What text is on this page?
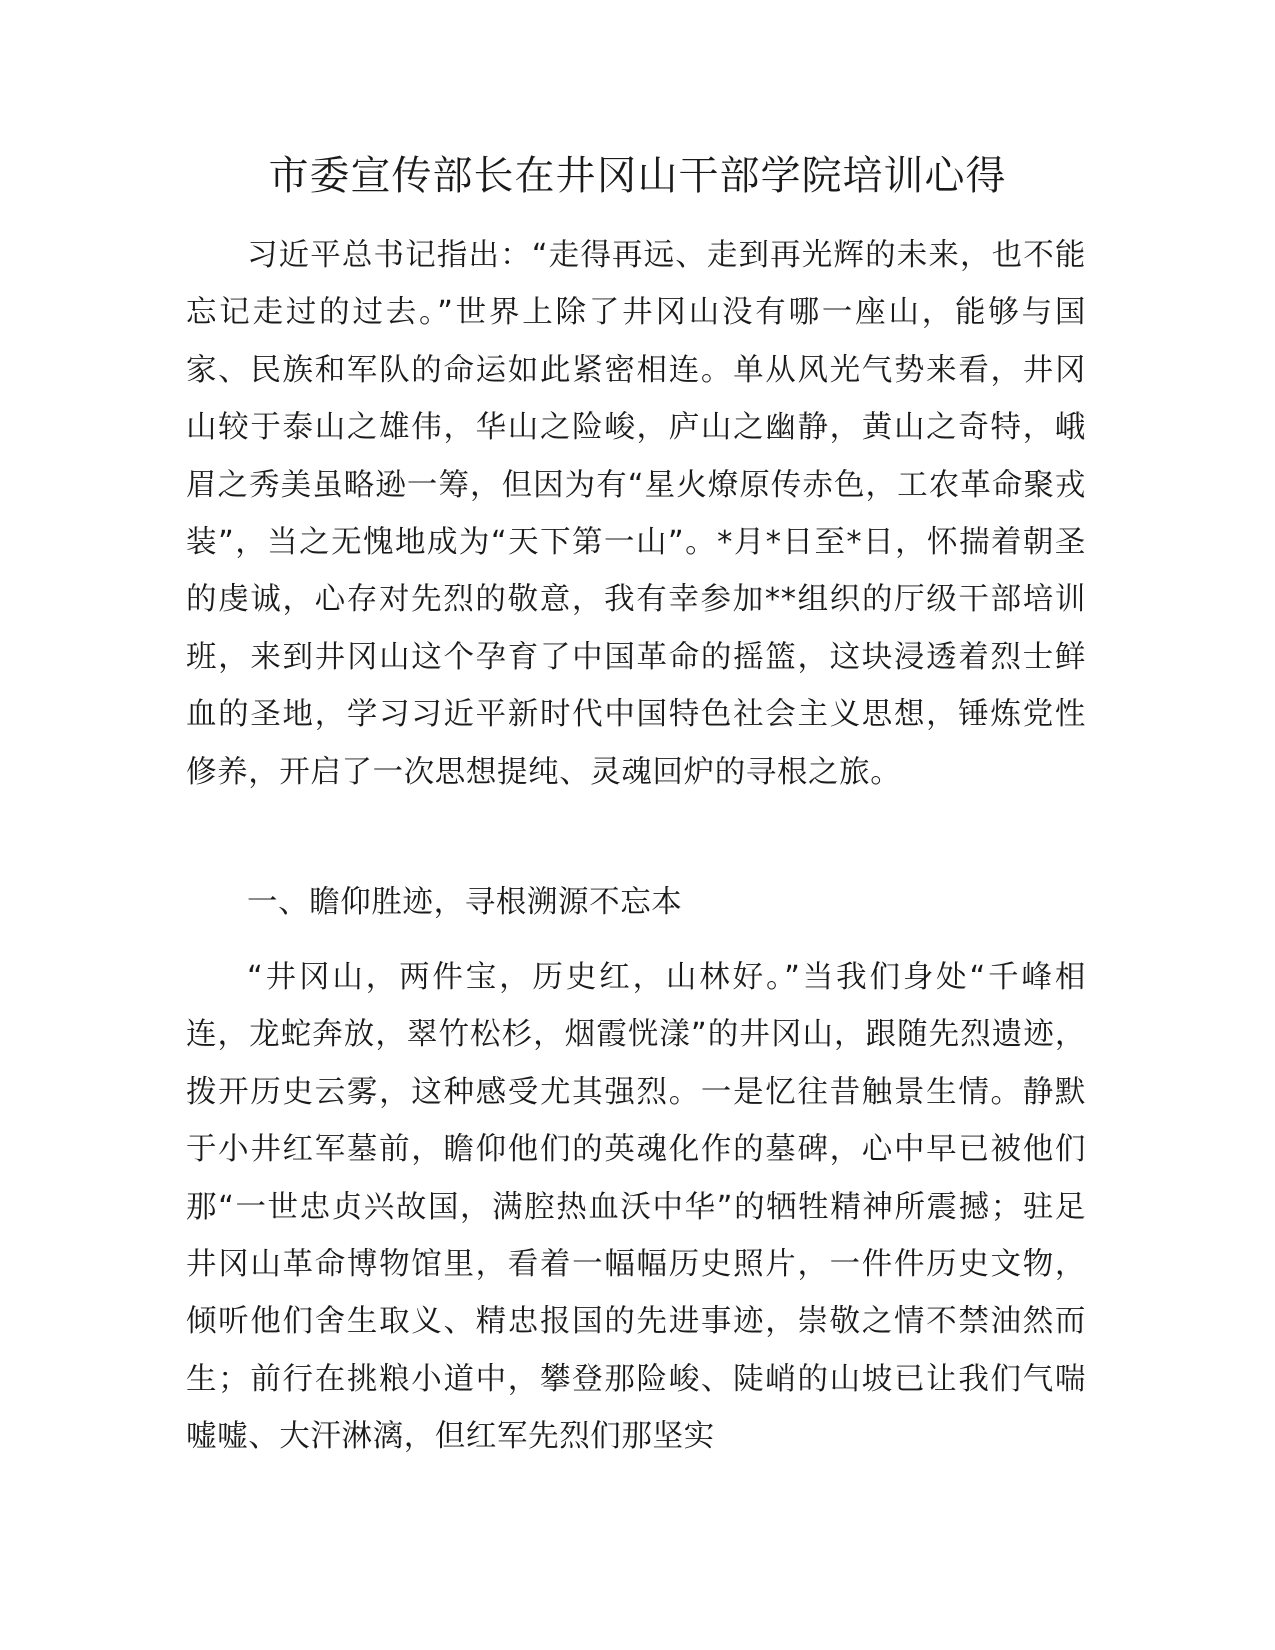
市委宣传部长在井冈山干部学院培训心得

习近平总书记指出：“走得再远、走到再光辉的未来，也不能忘记走过的过去。”世界上除了井冈山没有哪一座山，能够与国家、民族和军队的命运如此紧密相连。单从风光气势来看，井冈山较于泰山之雄伟，华山之险峻，庐山之幽静，黄山之奇特，峨眉之秀美虽略逊一筹，但因为有“星火燎原传赤色，工农革命聚戎装”，当之无愧地成为“天下第一山”。*月*日至*日，怀揣着朝圣的虔诚，心存对先烈的敬意，我有幸参加**组织的厅级干部培训班，来到井冈山这个孕育了中国革命的摇篮，这块浸透着烈士鲜血的圣地，学习习近平新时代中国特色社会主义思想，锤炼党性修养，开启了一次思想提纯、灵魂回炉的寻根之旅。

一、瞻仰胜迹，寻根溯源不忘本

“井冈山，两件宝，历史红，山林好。”当我们身处“千峰相连，龙蛇奔放，翠竹松杉，烟霞恍漾”的井冈山，跟随先烈遗迹，拨开历史云雾，这种感受尤其强烈。一是忆往昔触景生情。静默于小井红军墓前，瞻仰他们的英魂化作的墓碑，心中早已被他们那“一世忠贞兴故国，满腔热血沃中华”的牺牲精神所震撼；驻足井冈山革命博物馆里，看着一幅幅历史照片，一件件历史文物，倾听他们舍生取义、精忠报国的先进事迹，崇敬之情不禁油然而生；前行在挑粮小道中，攀登那险峻、陡峭的山坡已让我们气喘嘘嘘、大汗淋漓，但红军先烈们那坚实
